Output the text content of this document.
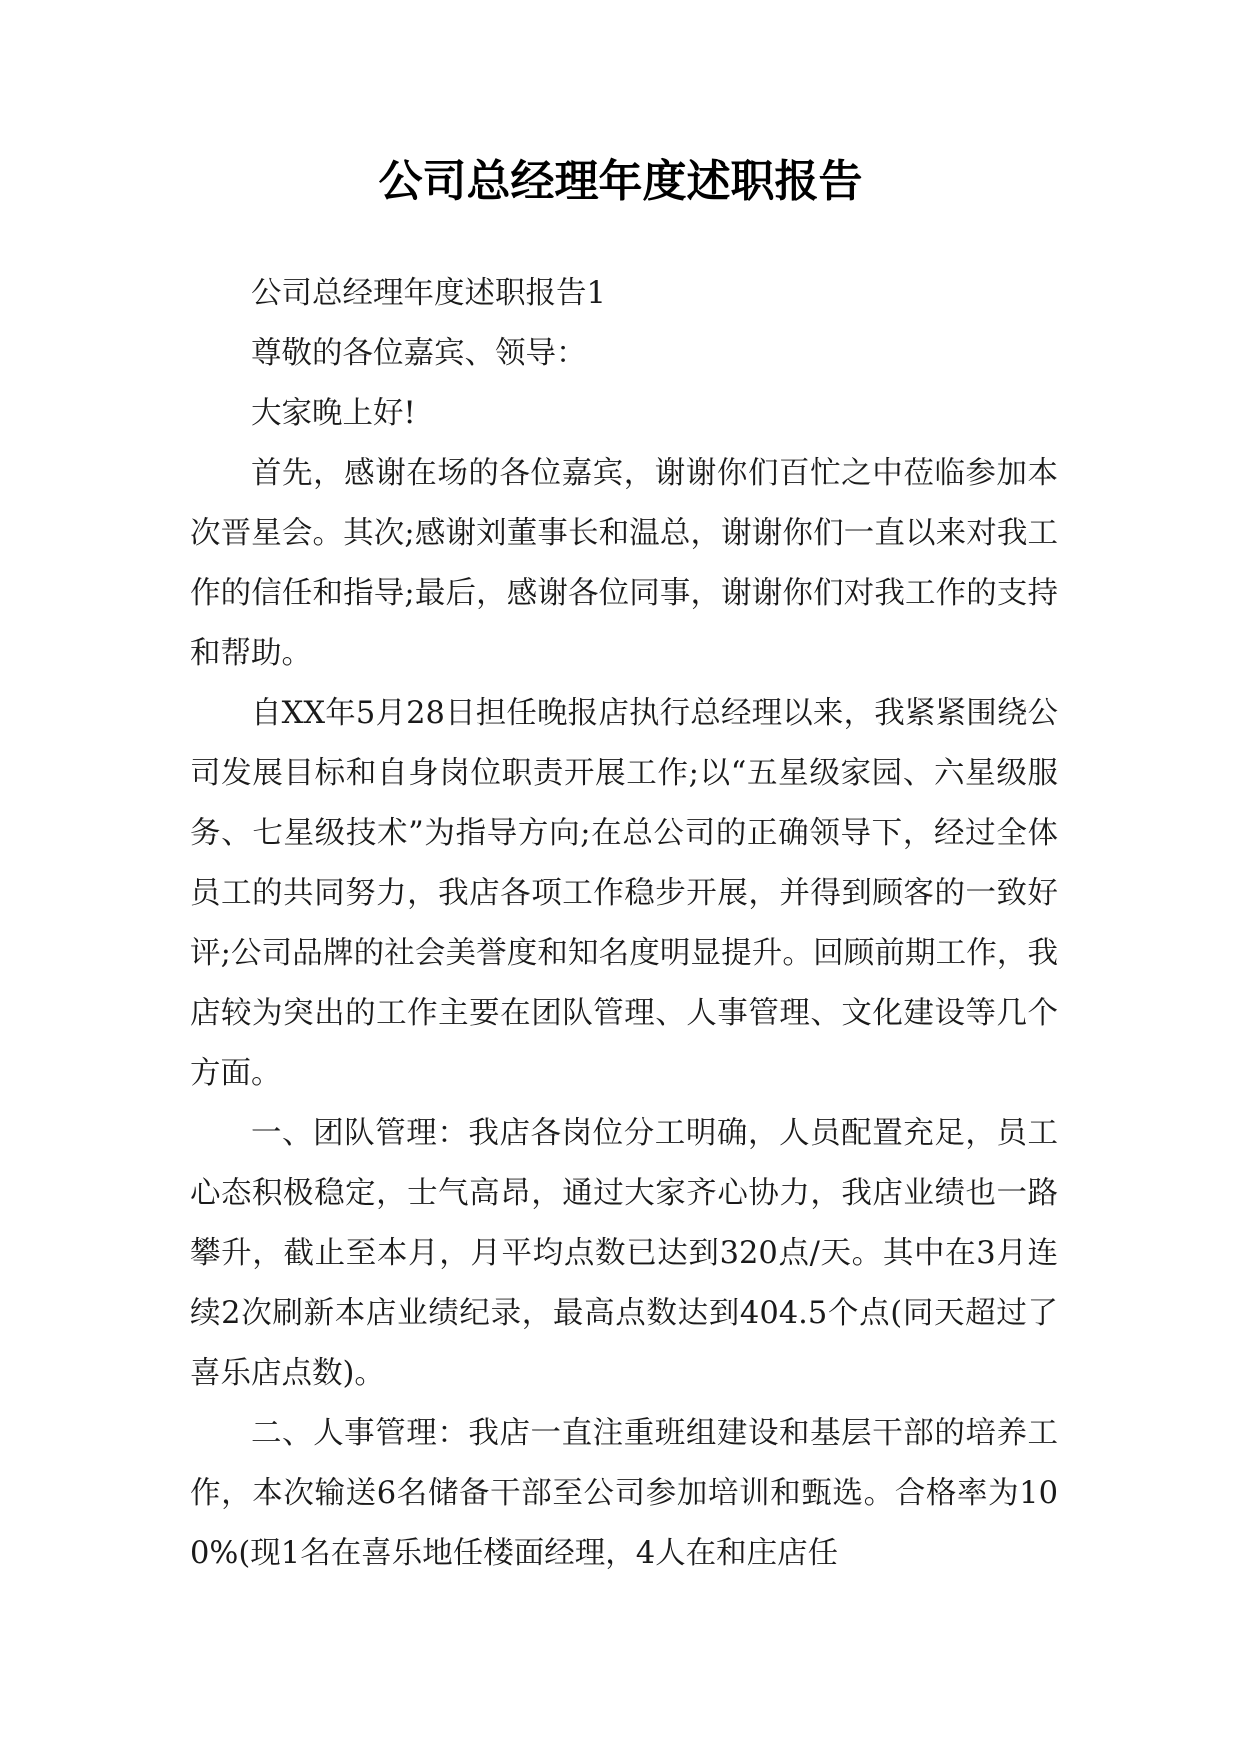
公司总经理年度述职报告

公司总经理年度述职报告1

尊敬的各位嘉宾、领导：

大家晚上好!

首先，感谢在场的各位嘉宾，谢谢你们百忙之中莅临参加本次晋星会。其次;感谢刘董事长和温总，谢谢你们一直以来对我工作的信任和指导;最后，感谢各位同事，谢谢你们对我工作的支持和帮助。

自XX年5月28日担任晚报店执行总经理以来，我紧紧围绕公司发展目标和自身岗位职责开展工作;以“五星级家园、六星级服务、七星级技术”为指导方向;在总公司的正确领导下，经过全体员工的共同努力，我店各项工作稳步开展，并得到顾客的一致好评;公司品牌的社会美誉度和知名度明显提升。回顾前期工作，我店较为突出的工作主要在团队管理、人事管理、文化建设等几个方面。

一、团队管理：我店各岗位分工明确，人员配置充足，员工心态积极稳定，士气高昂，通过大家齐心协力，我店业绩也一路攀升，截止至本月，月平均点数已达到320点/天。其中在3月连续2次刷新本店业绩纪录，最高点数达到404.5个点(同天超过了喜乐店点数)。

二、人事管理：我店一直注重班组建设和基层干部的培养工作，本次输送6名储备干部至公司参加培训和甄选。合格率为100%(现1名在喜乐地任楼面经理，4人在和庄店任
